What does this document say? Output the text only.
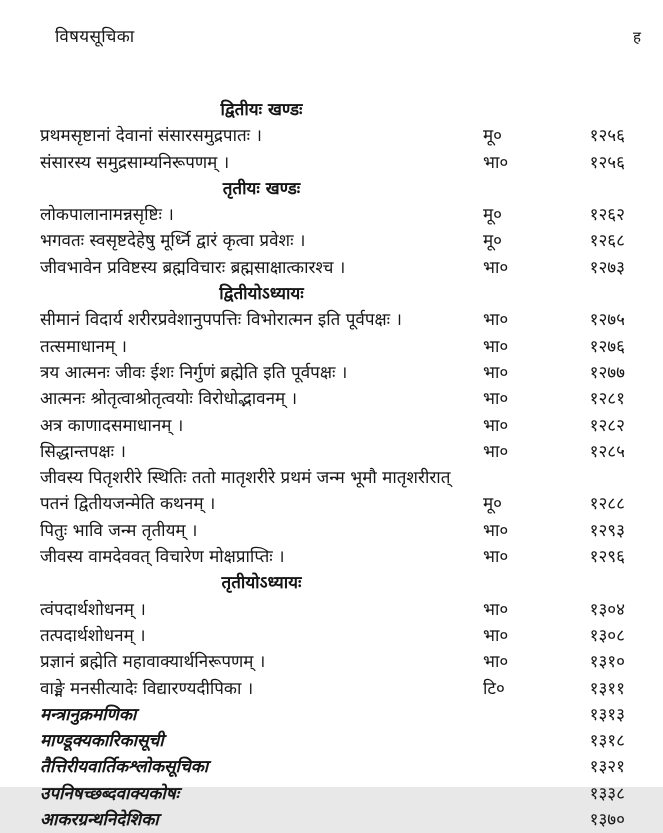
विषयसूचिका	ह
द्वितीयः खण्डः
प्रथमसृष्टानां देवानां संसारसमुद्रपातः ।	मू०	१२५६
संसारस्य समुद्रसाम्यनिरूपणम् ।	भा०	१२५६
तृतीयः खण्डः
लोकपालानामन्नसृष्टिः ।	मू०	१२६२
भगवतः स्वसृष्टदेहेषु मूर्ध्नि द्वारं कृत्वा प्रवेशः ।	मू०	१२६८
जीवभावेन प्रविष्टस्य ब्रह्मविचारः ब्रह्मसाक्षात्कारश्च ।	भा०	१२७३
द्वितीयोऽध्यायः
सीमानं विदार्य शरीरप्रवेशानुपपत्तिः विभोरात्मन इति पूर्वपक्षः ।	भा०	१२७५
तत्समाधानम् ।	भा०	१२७६
त्रय आत्मनः जीवः ईशः निर्गुणं ब्रह्मेति इति पूर्वपक्षः ।	भा०	१२७७
आत्मनः श्रोतृत्वाश्रोतृत्वयोः विरोधोद्भावनम् ।	भा०	१२८१
अत्र काणादसमाधानम् ।	भा०	१२८२
सिद्धान्तपक्षः ।	भा०	१२८५
जीवस्य पितृशरीरे स्थितिः ततो मातृशरीरे प्रथमं जन्म भूमौ मातृशरीरात्
पतनं द्वितीयजन्मेति कथनम् ।	मू०	१२८८
पितुः भावि जन्म तृतीयम् ।	भा०	१२९३
जीवस्य वामदेववत् विचारेण मोक्षप्राप्तिः ।	भा०	१२९६
तृतीयोऽध्यायः
त्वंपदार्थशोधनम् ।	भा०	१३०४
तत्पदार्थशोधनम् ।	भा०	१३०८
प्रज्ञानं ब्रह्मेति महावाक्यार्थनिरूपणम् ।	भा०	१३१०
वाङ्मे मनसीत्यादेः विद्यारण्यदीपिका ।	टि०	१३११
मन्त्रानुक्रमणिका	१३१३
माण्डूक्यकारिकासूची	१३१८
तैत्तिरीयवार्तिकश्लोकसूचिका	१३२१
उपनिषच्छब्दवाक्यकोषः	१३३८
आकरग्रन्थनिदेशिका	१३७०
